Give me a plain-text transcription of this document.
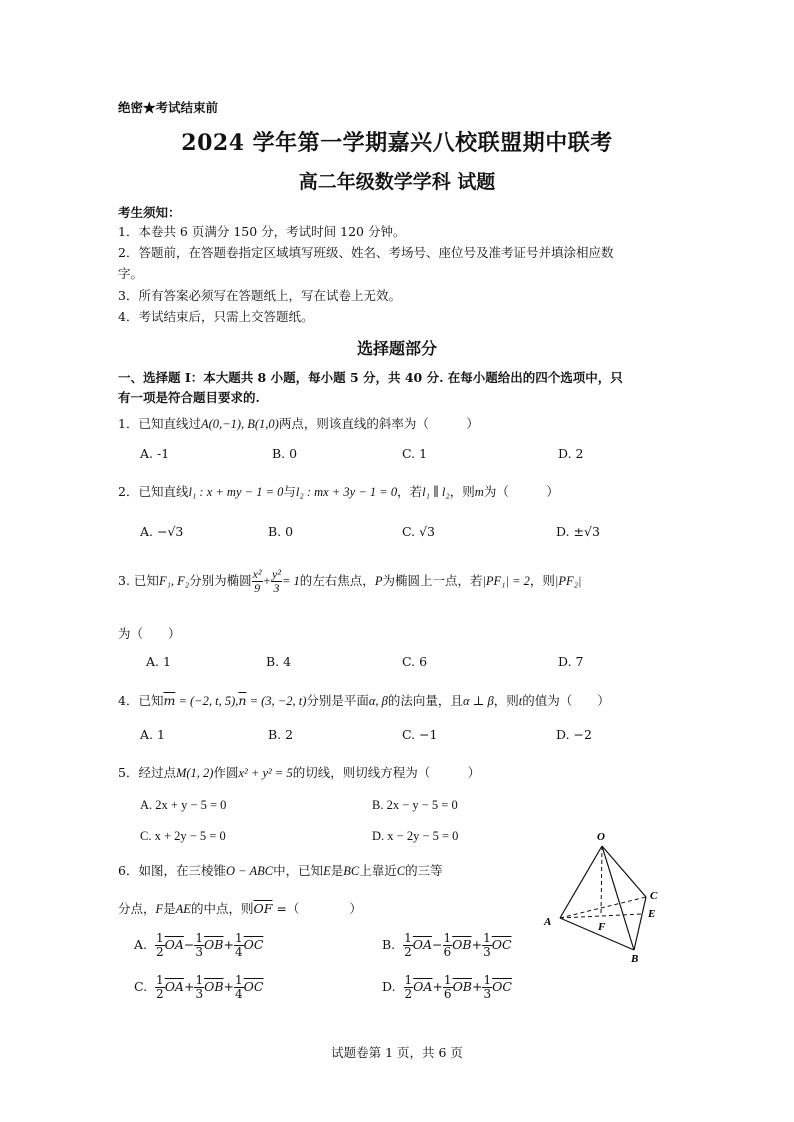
绝密★考试结束前
2024 学年第一学期嘉兴八校联盟期中联考
高二年级数学学科 试题
考生须知：
1．本卷共 6 页满分 150 分，考试时间 120 分钟。
2．答题前，在答题卷指定区域填写班级、姓名、考场号、座位号及准考证号并填涂相应数
字。
3．所有答案必须写在答题纸上，写在试卷上无效。
4．考试结束后，只需上交答题纸。
选择题部分
一、选择题 I：本大题共 8 小题，每小题 5 分，共 40 分. 在每小题给出的四个选项中，只
有一项是符合题目要求的.
1．已知直线过A(0,−1), B(1,0)两点，则该直线的斜率为（　　　）
A. -1	B. 0	C. 1	D. 2
2．已知直线l₁ : x + my − 1 = 0与l₂ : mx + 3y − 1 = 0，若l₁ ∥ l₂，则m为（　　　）
A. −√3	B. 0	C. √3	D. ±√3
3. 已知F₁, F₂分别为椭圆 $\frac{\text{x²}}{9} + \frac{\text{y²}}{3} = 1$的左右焦点，P为椭圆上一点，若|PF₁| = 2，则|PF₂|
为（　　）
A. 1	B. 4	C. 6	D. 7
4．已知$\overline{m} = (-2$, t, $5),\overline{n} = (3$, −2, t)分别是平面α, β的法向量，且α ⊥ β，则t的值为（　　）
A. 1	B. 2	C. −1	D. −2
5．经过点M(1, 2)作圆x² + y² = 5的切线，则切线方程为（　　　）
A. 2x + y − 5 = 0	B. 2x − y − 5 = 0
C. x + 2y − 5 = 0	D. x − 2y − 5 = 0
6．如图，在三棱锥O − ABC中，已知E是BC上靠近C的三等
分点，F是AE的中点，则$\overline{OF}$ =（　　　　）
A. $\frac{1}{2} \overline{OA}- \frac{1}{3} \overline{OB}+ \frac{1}{4} \overline{OC}$	B. $\frac{1}{2} \overline{OA}- \frac{1}{6} \overline{OB}+ \frac{1}{3} \overline{OC}$
C. $\frac{1}{2} \overline{OA}+ \frac{1}{3} \overline{OB}+ \frac{1}{4} \overline{OC}$	D. $\frac{1}{2} \overline{OA}+ \frac{1}{6} \overline{OB}+ \frac{1}{3} \overline{OC}$
O
A
B
C
E
F
试题卷第 1 页，共 6 页
